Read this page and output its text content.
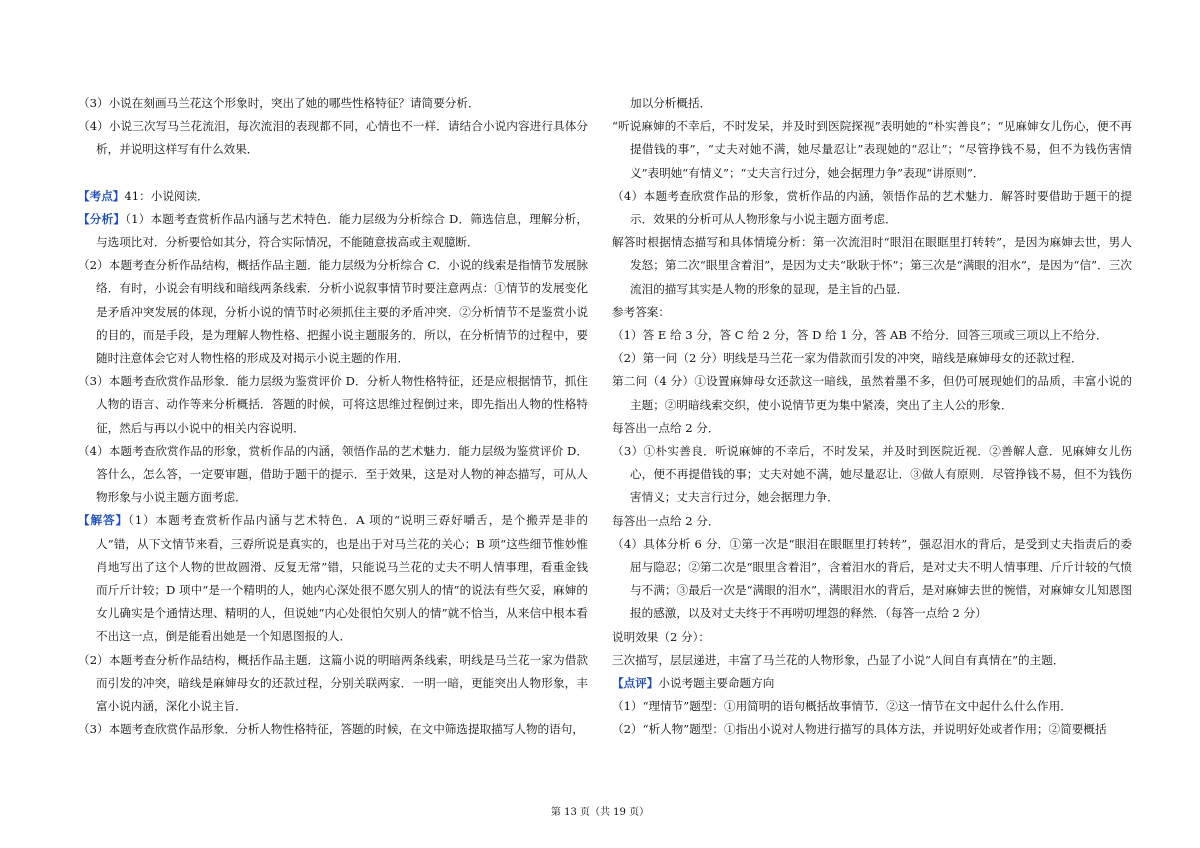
（3）小说在刻画马兰花这个形象时，突出了她的哪些性格特征？请简要分析．

（4）小说三次写马兰花流泪，每次流泪的表现都不同，心情也不一样．请结合小说内容进行具体分析，并说明这样写有什么效果．

【考点】41：小说阅读．

【分析】（1）本题考查赏析作品内涵与艺术特色．能力层级为分析综合 D．筛选信息，理解分析，与选项比对．分析要恰如其分，符合实际情况，不能随意拔高或主观臆断．

（2）本题考查分析作品结构，概括作品主题．能力层级为分析综合 C．小说的线索是指情节发展脉络．有时，小说会有明线和暗线两条线索．分析小说叙事情节时要注意两点：①情节的发展变化是矛盾冲突发展的体现，分析小说的情节时必须抓住主要的矛盾冲突．②分析情节不是鉴赏小说的目的，而是手段，是为理解人物性格、把握小说主题服务的．所以，在分析情节的过程中，要随时注意体会它对人物性格的形成及对揭示小说主题的作用．

（3）本题考查欣赏作品形象．能力层级为鉴赏评价 D．分析人物性格特征，还是应根据情节，抓住人物的语言、动作等来分析概括．答题的时候，可将这思维过程倒过来，即先指出人物的性格特征，然后与再以小说中的相关内容说明．

（4）本题考查欣赏作品的形象，赏析作品的内涵，领悟作品的艺术魅力．能力层级为鉴赏评价 D．答什么，怎么答，一定要审题，借助于题干的提示．至于效果，这是对人物的神态描写，可从人物形象与小说主题方面考虑．

【解答】（1）本题考查赏析作品内涵与艺术特色．A 项的“说明三孬好嚼舌，是个搬弄是非的人”错，从下文情节来看，三孬所说是真实的，也是出于对马兰花的关心；B 项“这些细节惟妙惟肖地写出了这个人物的世故圆滑、反复无常”错，只能说马兰花的丈夫不明人情事理，看重金钱而斤斤计较；D 项中“是一个精明的人，她内心深处很不愿欠别人的情”的说法有些欠妥，麻婶的女儿确实是个通情达理、精明的人，但说她“内心处很怕欠别人的情”就不恰当，从来信中根本看不出这一点，倒是能看出她是一个知恩图报的人．

（2）本题考查分析作品结构，概括作品主题．这篇小说的明暗两条线索，明线是马兰花一家为借款而引发的冲突，暗线是麻婶母女的还款过程，分别关联两家．一明一暗，更能突出人物形象，丰富小说内涵，深化小说主旨．

（3）本题考查欣赏作品形象．分析人物性格特征，答题的时候，在文中筛选提取描写人物的语句，

加以分析概括．

“听说麻婶的不幸后，不时发呆，并及时到医院探视”表明她的“朴实善良”；“见麻婶女儿伤心，便不再提借钱的事”，“丈夫对她不满，她尽量忍让”表现她的“忍让”；“尽管挣钱不易，但不为钱伤害情义”表明她“有情义”；“丈夫言行过分，她会据理力争”表现“讲原则”．

（4）本题考查欣赏作品的形象，赏析作品的内涵，领悟作品的艺术魅力．解答时要借助于题干的提示．效果的分析可从人物形象与小说主题方面考虑．

解答时根据情态描写和具体情境分析：第一次流泪时“眼泪在眼眶里打转转”，是因为麻婶去世，男人发怒；第二次“眼里含着泪”，是因为丈夫“耿耿于怀”；第三次是“满眼的泪水”，是因为“信”．三次流泪的描写其实是人物的形象的显现，是主旨的凸显．

参考答案：

（1）答 E 给 3 分，答 C 给 2 分，答 D 给 1 分，答 AB 不给分．回答三项或三项以上不给分．

（2）第一问（2 分）明线是马兰花一家为借款而引发的冲突，暗线是麻婶母女的还款过程．

第二问（4 分）①设置麻婶母女还款这一暗线，虽然着墨不多，但仍可展现她们的品质，丰富小说的主题；②明暗线索交织，使小说情节更为集中紧凑，突出了主人公的形象．

每答出一点给 2 分．

（3）①朴实善良．听说麻婶的不幸后，不时发呆，并及时到医院近视．②善解人意．见麻婶女儿伤心，便不再提借钱的事；丈夫对她不满，她尽量忍让．③做人有原则．尽管挣钱不易，但不为钱伤害情义；丈夫言行过分，她会据理力争．

每答出一点给 2 分．

（4）具体分析 6 分．①第一次是“眼泪在眼眶里打转转”，强忍泪水的背后，是受到丈夫指责后的委屈与隐忍；②第二次是“眼里含着泪”，含着泪水的背后，是对丈夫不明人情事理、斤斤计较的气愤与不满；③最后一次是“满眼的泪水”，满眼泪水的背后，是对麻婶去世的惋惜，对麻婶女儿知恩图报的感激，以及对丈夫终于不再唠叨埋怨的释然．（每答一点给 2 分）

说明效果（2 分）：

三次描写，层层递进，丰富了马兰花的人物形象，凸显了小说“人间自有真情在”的主题．

【点评】小说考题主要命题方向

（1）“理情节”题型：①用简明的语句概括故事情节．②这一情节在文中起什么什么作用．

（2）“析人物”题型：①指出小说对人物进行描写的具体方法，并说明好处或者作用；②简要概括

第 13 页（共 19 页）
